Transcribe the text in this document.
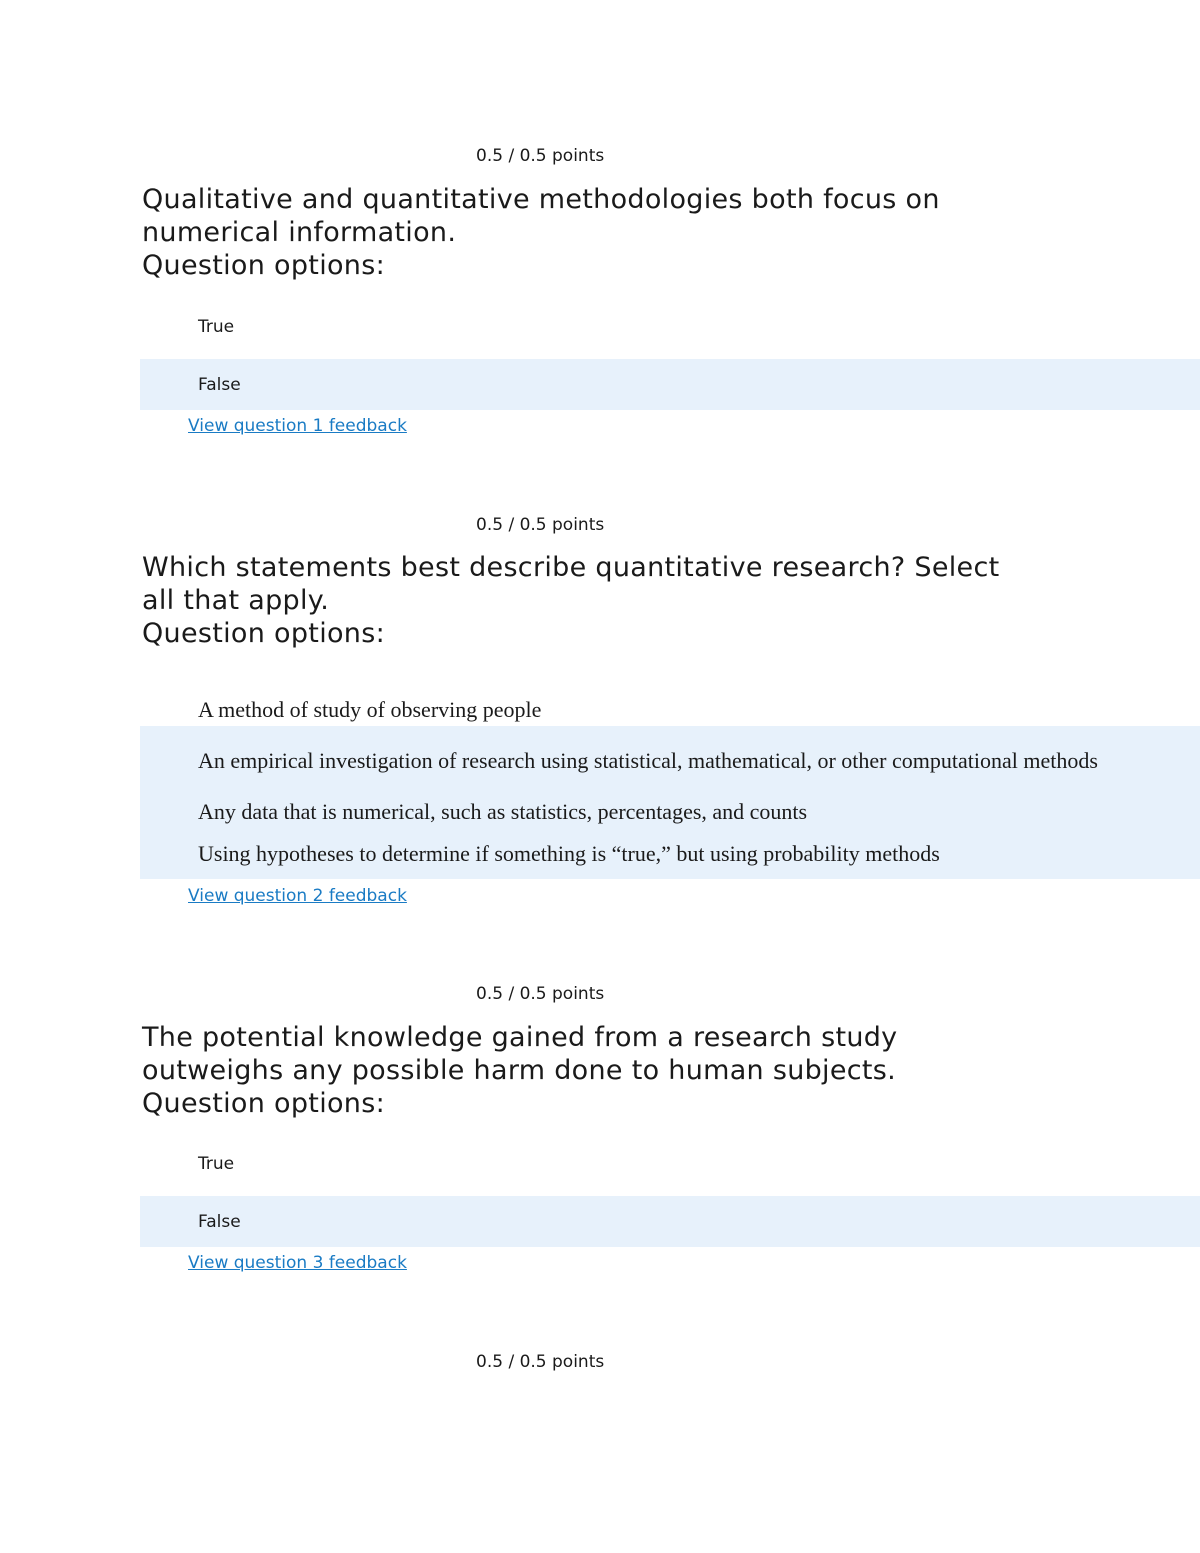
0.5 / 0.5 points
Qualitative and quantitative methodologies both focus on
numerical information.
Question options:
True
False
View question 1 feedback
0.5 / 0.5 points
Which statements best describe quantitative research? Select
all that apply.
Question options:
A method of study of observing people
An empirical investigation of research using statistical, mathematical, or other computational methods
Any data that is numerical, such as statistics, percentages, and counts
Using hypotheses to determine if something is “true,” but using probability methods
View question 2 feedback
0.5 / 0.5 points
The potential knowledge gained from a research study
outweighs any possible harm done to human subjects.
Question options:
True
False
View question 3 feedback
0.5 / 0.5 points
